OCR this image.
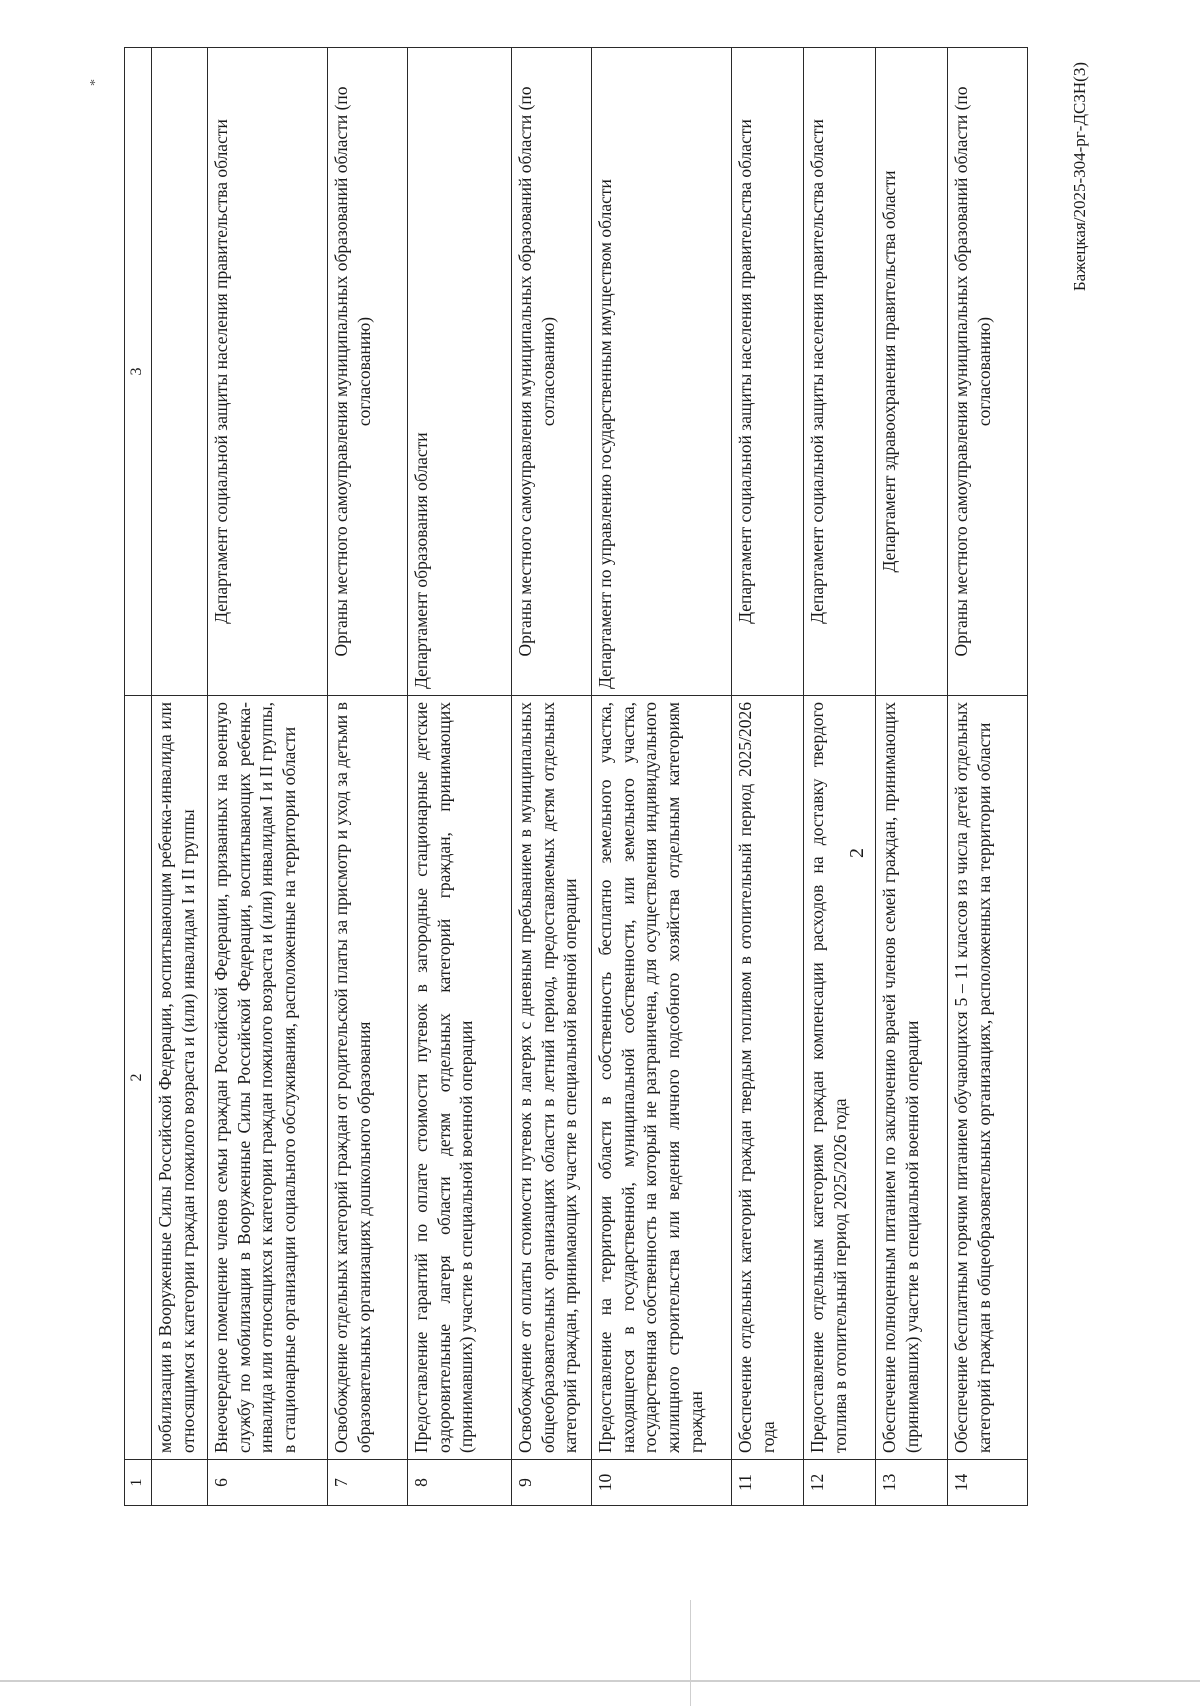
*
1	2	3
	мобилизации в Вооруженные Силы Российской Федерации, воспитывающим ребенка-инвалида или относящимся к категории граждан пожилого возраста и (или) инвалидам I и II группы	
6	Внеочередное помещение членов семьи граждан Российской Федерации, призванных на военную службу по мобилизации в Вооруженные Силы Российской Федерации, воспитывающих ребенка-инвалида или относящихся к категории граждан пожилого возраста и (или) инвалидам I и II группы, в стационарные организации социального обслуживания, расположенные на территории области	Департамент социальной защиты населения правительства области
7	Освобождение отдельных категорий граждан от родительской платы за присмотр и уход за детьми в образовательных организациях дошкольного образования	Органы местного самоуправления муниципальных образований области (по согласованию)
8	Предоставление гарантий по оплате стоимости путевок в загородные стационарные детские оздоровительные лагеря области детям отдельных категорий граждан, принимающих (принимавших) участие в специальной военной операции	Департамент образования области
9	Освобождение от оплаты стоимости путевок в лагерях с дневным пребыванием в муниципальных общеобразовательных организациях области в летний период, предоставляемых детям отдельных категорий граждан, принимающих участие в специальной военной операции	Органы местного самоуправления муниципальных образований области (по согласованию)
10	Предоставление на территории области в собственность бесплатно земельного участка, находящегося в государственной, муниципальной собственности, или земельного участка, государственная собственность на который не разграничена, для осуществления индивидуального жилищного строительства или ведения личного подсобного хозяйства отдельным категориям граждан	Департамент по управлению государственным имуществом области
11	Обеспечение отдельных категорий граждан твердым топливом в отопительный период 2025/2026 года	Департамент социальной защиты населения правительства области
12	Предоставление отдельным категориям граждан компенсации расходов на доставку твердого топлива в отопительный период 2025/2026 года	Департамент социальной защиты населения правительства области
13	Обеспечение полноценным питанием по заключению врачей членов семей граждан, принимающих (принимавших) участие в специальной военной операции	Департамент здравоохранения правительства области
14	Обеспечение бесплатным горячим питанием обучающихся 5 – 11 классов из числа детей отдельных категорий граждан в общеобразовательных организациях, расположенных на территории области	Органы местного самоуправления муниципальных образований области (по согласованию)
2
Бажецкая/2025-304-рг-ДСЗН(3)
